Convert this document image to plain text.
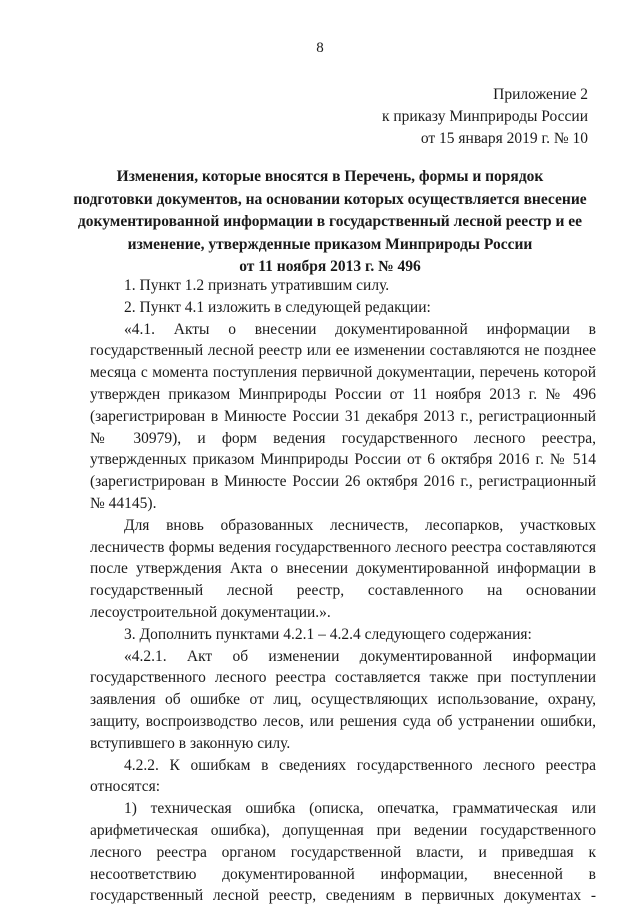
8
Приложение 2
к приказу Минприроды России
от 15 января 2019 г. № 10
Изменения, которые вносятся в Перечень, формы и порядок
подготовки документов, на основании которых осуществляется внесение
документированной информации в государственный лесной реестр и ее
изменение, утвержденные приказом Минприроды России
от 11 ноября 2013 г. № 496

1. Пункт 1.2 признать утратившим силу.

2. Пункт 4.1 изложить в следующей редакции:

«4.1. Акты о внесении документированной информации в государственный лесной реестр или ее изменении составляются не позднее месяца с момента поступления первичной документации, перечень которой утвержден приказом Минприроды России от 11 ноября 2013 г. № 496 (зарегистрирован в Минюсте России 31 декабря 2013 г., регистрационный № 30979), и форм ведения государственного лесного реестра, утвержденных приказом Минприроды России от 6 октября 2016 г. № 514 (зарегистрирован в Минюсте России 26 октября 2016 г., регистрационный № 44145).

Для вновь образованных лесничеств, лесопарков, участковых лесничеств формы ведения государственного лесного реестра составляются после утверждения Акта о внесении документированной информации в государственный лесной реестр, составленного на основании лесоустроительной документации.».

3. Дополнить пунктами 4.2.1 – 4.2.4 следующего содержания:

«4.2.1. Акт об изменении документированной информации государственного лесного реестра составляется также при поступлении заявления об ошибке от лиц, осуществляющих использование, охрану, защиту, воспроизводство лесов, или решения суда об устранении ошибки, вступившего в законную силу.

4.2.2. К ошибкам в сведениях государственного лесного реестра относятся:

1) техническая ошибка (описка, опечатка, грамматическая или арифметическая ошибка), допущенная при ведении государственного лесного реестра органом государственной власти, и приведшая к несоответствию документированной информации, внесенной в государственный лесной реестр, сведениям в первичных документах -
